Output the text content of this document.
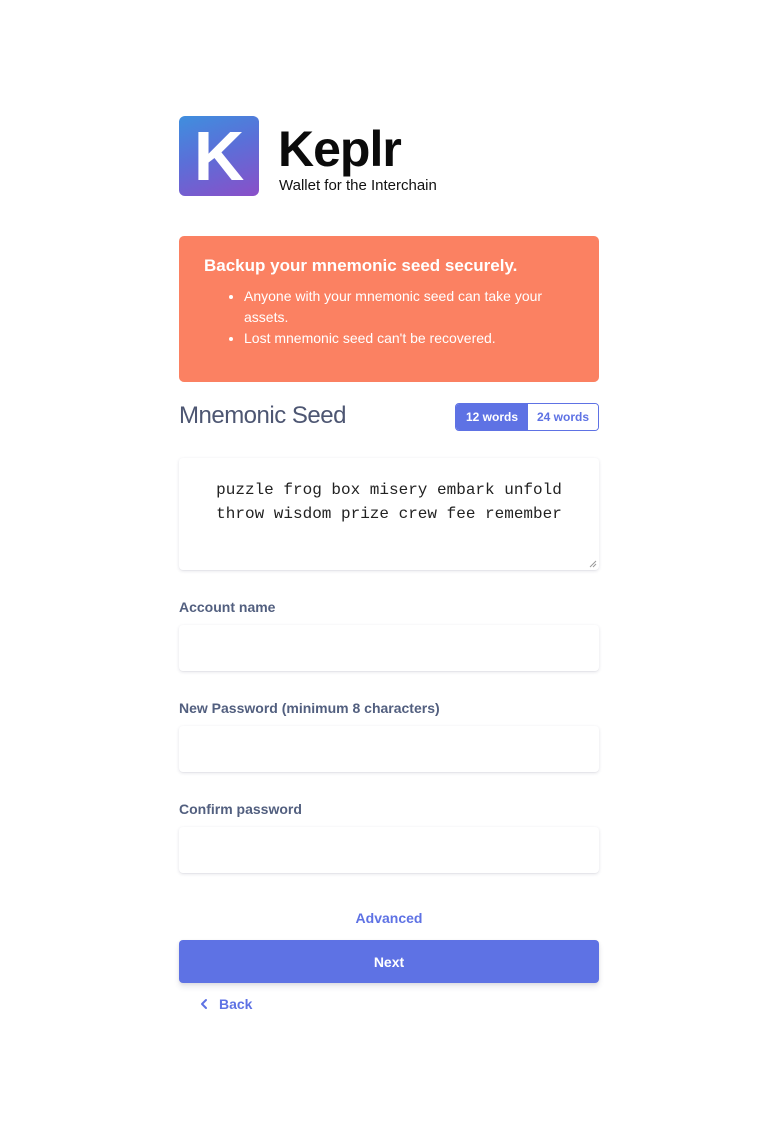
K Keplr
Wallet for the Interchain
Backup your mnemonic seed securely.
• Anyone with your mnemonic seed can take your assets.
• Lost mnemonic seed can't be recovered.
Mnemonic Seed	12 words	24 words
puzzle frog box misery embark unfold throw wisdom prize crew fee remember
Account name
New Password (minimum 8 characters)
Confirm password
Advanced
Next
Back
